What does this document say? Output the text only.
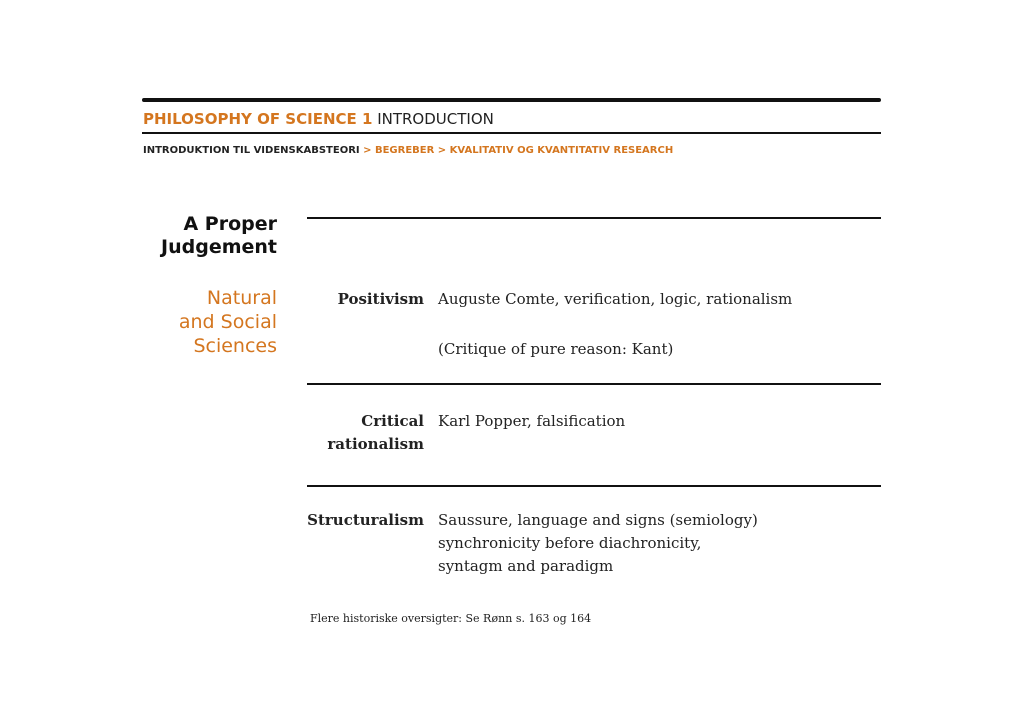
PHILOSOPHY OF SCIENCE 1 INTRODUCTION
INTRODUKTION TIL VIDENSKABSTEORI > BEGREBER > KVALITATIV OG KVANTITATIV RESEARCH
A Proper
Judgement
Natural
and Social
Sciences
Positivism Auguste Comte, verification, logic, rationalism
(Critique of pure reason: Kant)
Critical
rationalism
Karl Popper, falsification
Structuralism Saussure, language and signs (semiology)
synchronicity before diachronicity,
syntagm and paradigm
Flere historiske oversigter: Se Rønn s. 163 og 164
